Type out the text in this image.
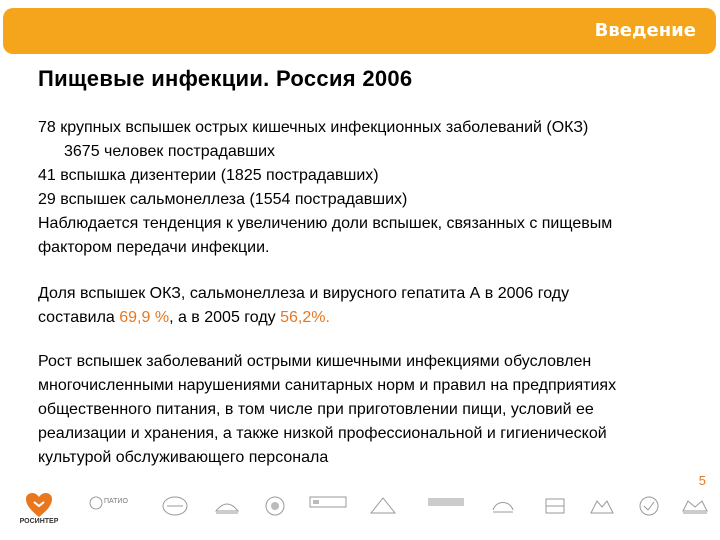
Введение
Пищевые инфекции. Россия 2006

78 крупных вспышек острых кишечных инфекционных заболеваний (ОКЗ)

3675 человек пострадавших

41 вспышка дизентерии (1825 пострадавших)

29 вспышек сальмонеллеза (1554 пострадавших)

Наблюдается тенденция к увеличению доли вспышек, связанных с пищевым

фактором передачи инфекции.

Доля вспышек ОКЗ, сальмонеллеза и вирусного гепатита А в 2006 году

составила 69,9 %, а в 2005 году 56,2%.

Рост вспышек заболеваний острыми кишечными инфекциями обусловлен

многочисленными нарушениями санитарных норм и правил на предприятиях

общественного питания, в том числе при приготовлении пищи, условий ее

реализации и хранения, а также низкой профессиональной и гигиенической

культурой обслуживающего персонала

5
РОСИНТЕР
ПАТИО
